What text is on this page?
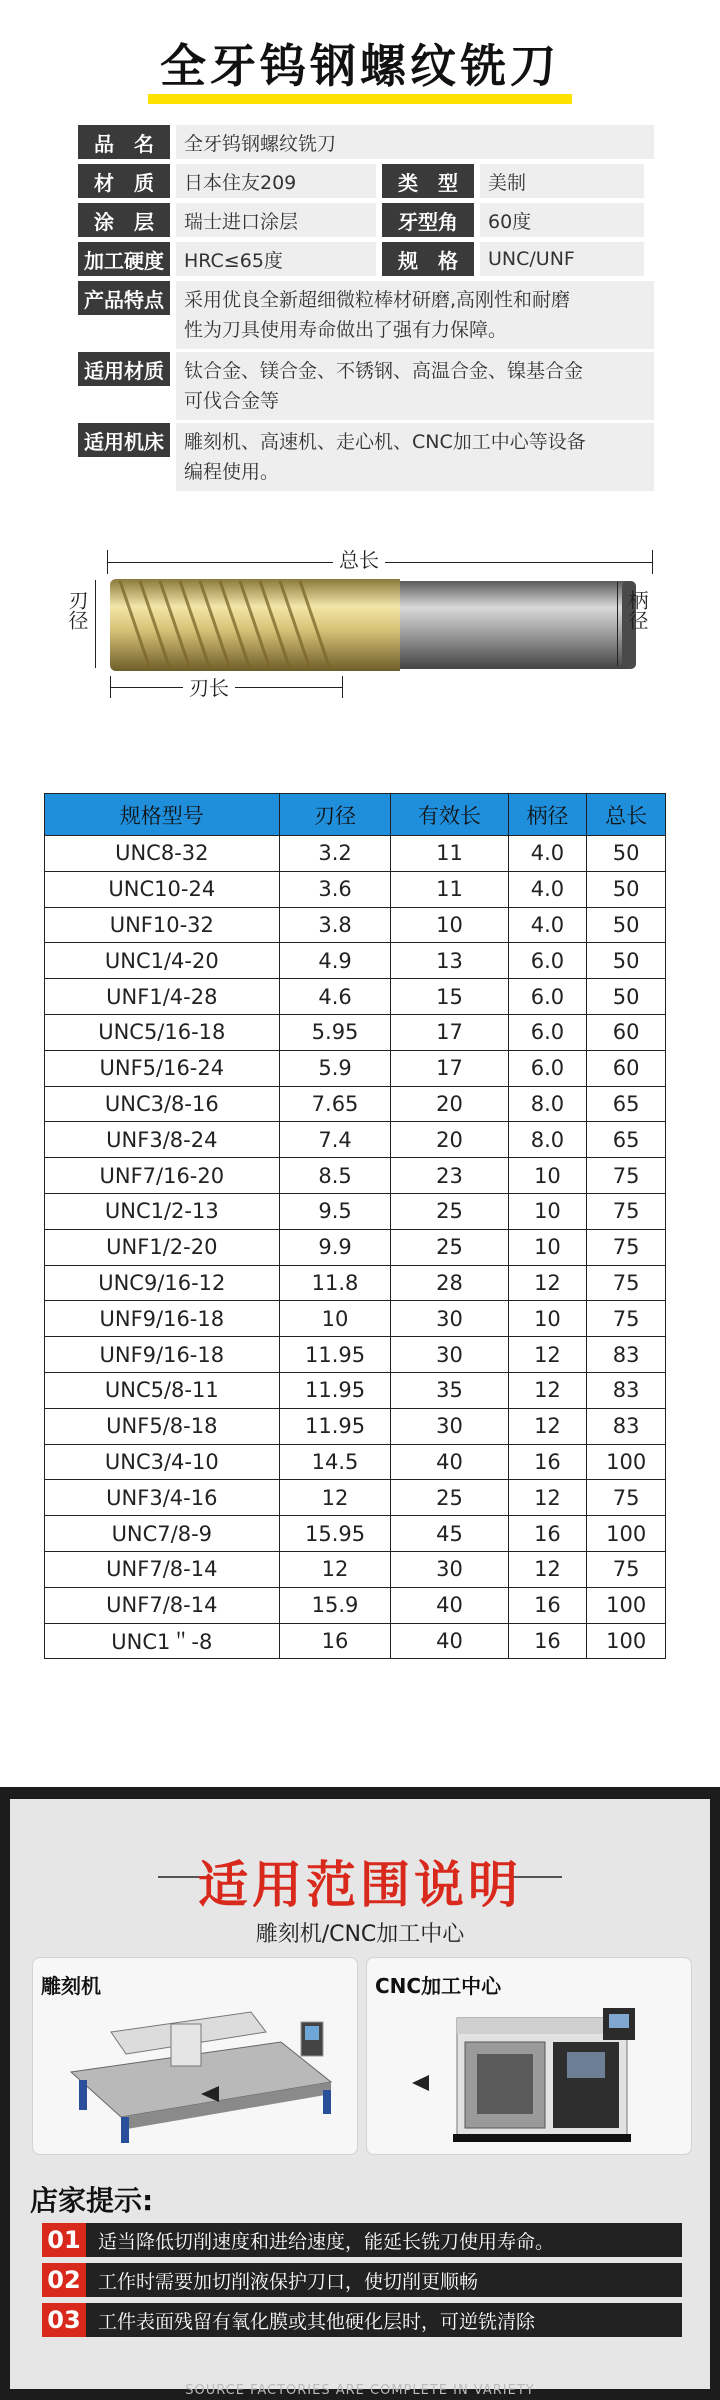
全牙钨钢螺纹铣刀
品　名	全牙钨钢螺纹铣刀
材　质	日本住友209	类　型	美制
涂　层	瑞士进口涂层	牙型角	60度
加工硬度	HRC≤65度	规　格	UNC/UNF
产品特点	采用优良全新超细微粒棒材研磨,高刚性和耐磨
性为刀具使用寿命做出了强有力保障。
适用材质	钛合金、镁合金、不锈钢、高温合金、镍基合金
可伐合金等
适用机床	雕刻机、高速机、走心机、CNC加工中心等设备
编程使用。
总长
刃径	柄径
刃长
规格型号	刃径	有效长	柄径	总长
UNC8-32	3.2	11	4.0	50
UNC10-24	3.6	11	4.0	50
UNF10-32	3.8	10	4.0	50
UNC1/4-20	4.9	13	6.0	50
UNF1/4-28	4.6	15	6.0	50
UNC5/16-18	5.95	17	6.0	60
UNF5/16-24	5.9	17	6.0	60
UNC3/8-16	7.65	20	8.0	65
UNF3/8-24	7.4	20	8.0	65
UNF7/16-20	8.5	23	10	75
UNC1/2-13	9.5	25	10	75
UNF1/2-20	9.9	25	10	75
UNC9/16-12	11.8	28	12	75
UNF9/16-18	10	30	10	75
UNF9/16-18	11.95	30	12	83
UNC5/8-11	11.95	35	12	83
UNF5/8-18	11.95	30	12	83
UNC3/4-10	14.5	40	16	100
UNF3/4-16	12	25	12	75
UNC7/8-9	15.95	45	16	100
UNF7/8-14	12	30	12	75
UNF7/8-14	15.9	40	16	100
UNC1＂-8	16	40	16	100
适用范围说明
雕刻机/CNC加工中心
雕刻机	CNC加工中心
店家提示:
01 适当降低切削速度和进给速度，能延长铣刀使用寿命。
02 工作时需要加切削液保护刀口，使切削更顺畅
03 工件表面残留有氧化膜或其他硬化层时，可逆铣清除
SOURCE FACTORIES ARE COMPLETE IN VARIETY
